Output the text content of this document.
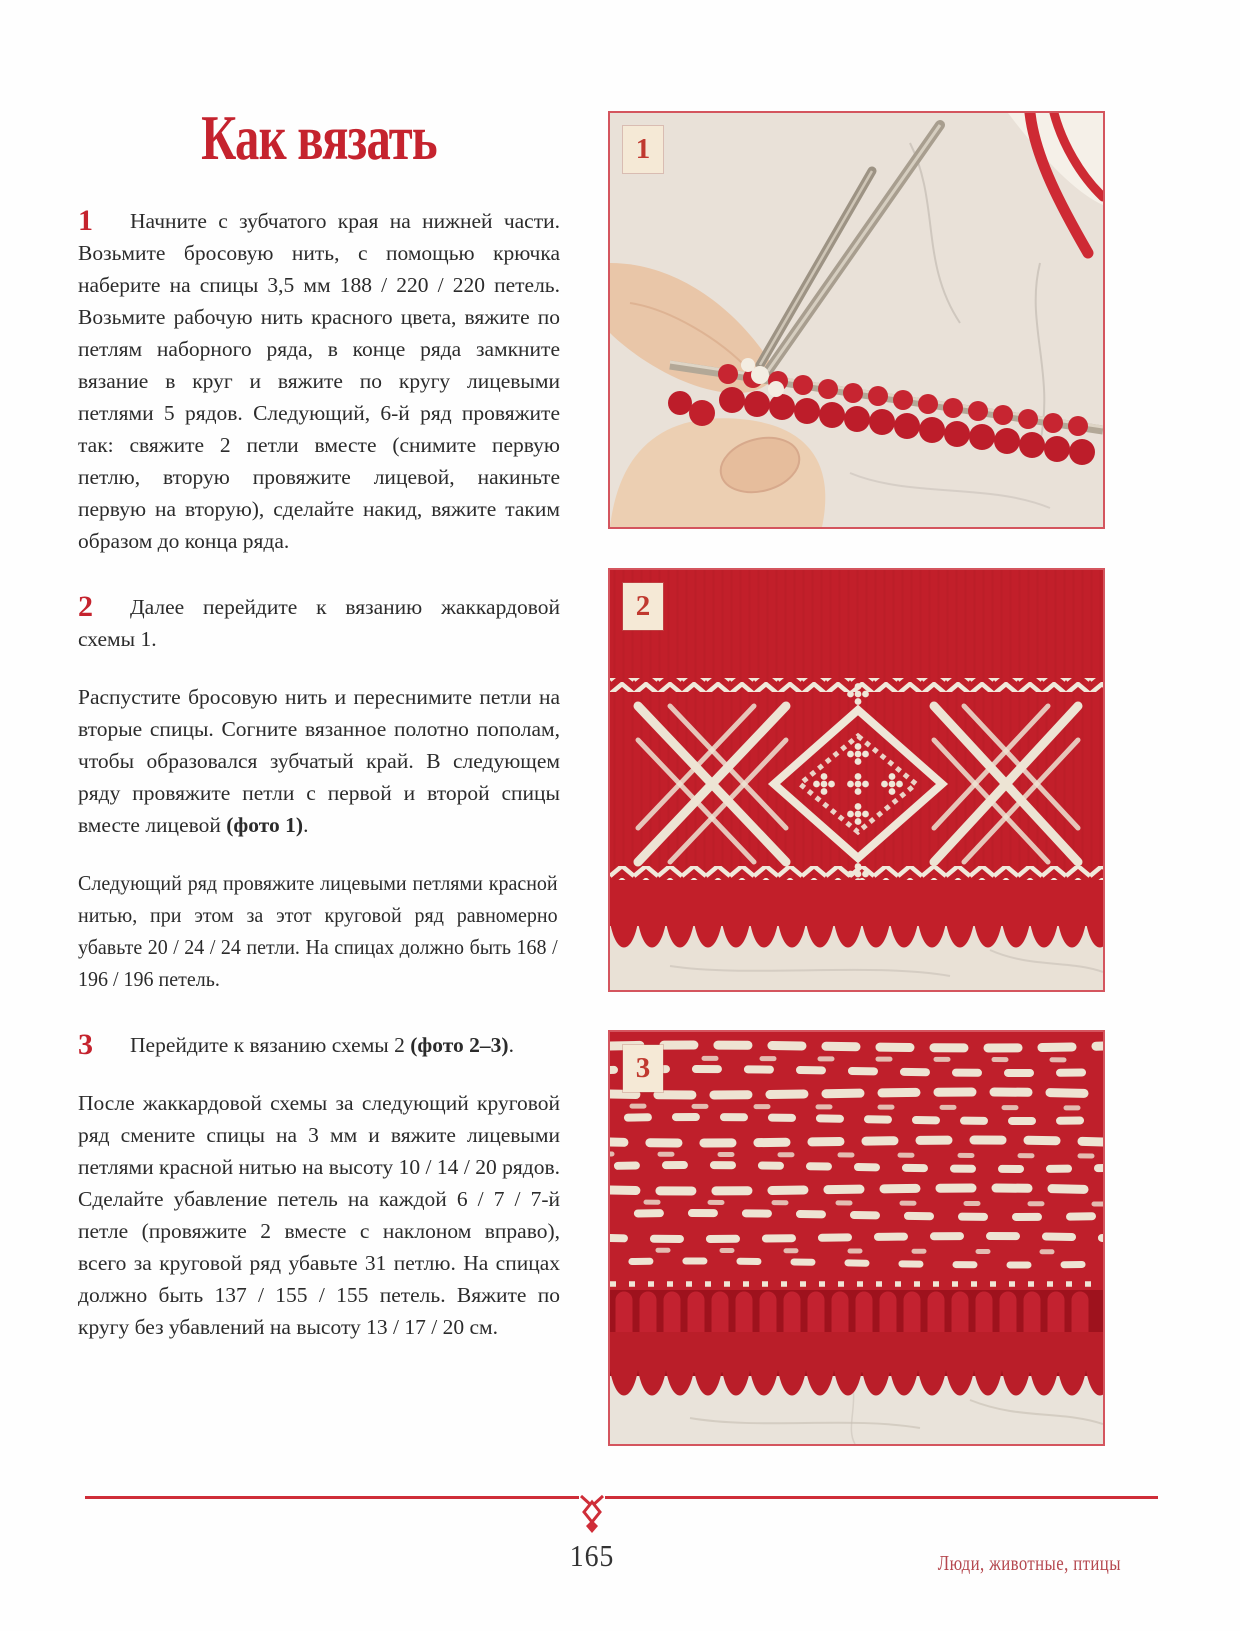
Как вязать

1 Начните с зубчатого края на нижней части. Возьмите бросовую нить, с помощью крючка наберите на спицы 3,5 мм 188 / 220 / 220 петель. Возьмите рабочую нить красного цвета, вяжите по петлям наборного ряда, в конце ряда замкните вязание в круг и вяжите по кругу лицевыми петлями 5 рядов. Следующий, 6-й ряд провяжите так: свяжите 2 петли вместе (снимите первую петлю, вторую провяжите лицевой, накиньте первую на вторую), сделайте накид, вяжите таким образом до конца ряда.

2 Далее перейдите к вязанию жаккардовой схемы 1.

Распустите бросовую нить и переснимите петли на вторые спицы. Согните вязанное полотно пополам, чтобы образовался зубчатый край. В следующем ряду провяжите петли с первой и второй спицы вместе лицевой (фото 1).

Следующий ряд провяжите лицевыми петлями красной нитью, при этом за этот круговой ряд равномерно убавьте 20 / 24 / 24 петли. На спицах должно быть 168 / 196 / 196 петель.

3 Перейдите к вязанию схемы 2 (фото 2–3).

После жаккардовой схемы за следующий круговой ряд смените спицы на 3 мм и вяжите лицевыми петлями красной нитью на высоту 10 / 14 / 20 рядов. Сделайте убавление петель на каждой 6 / 7 / 7-й петле (провяжите 2 вместе с наклоном вправо), всего за круговой ряд убавьте 31 петлю. На спицах должно быть 137 / 155 / 155 петель. Вяжите по кругу без убавлений на высоту 13 / 17 / 20 см.

1
2
3
165	Люди, животные, птицы
